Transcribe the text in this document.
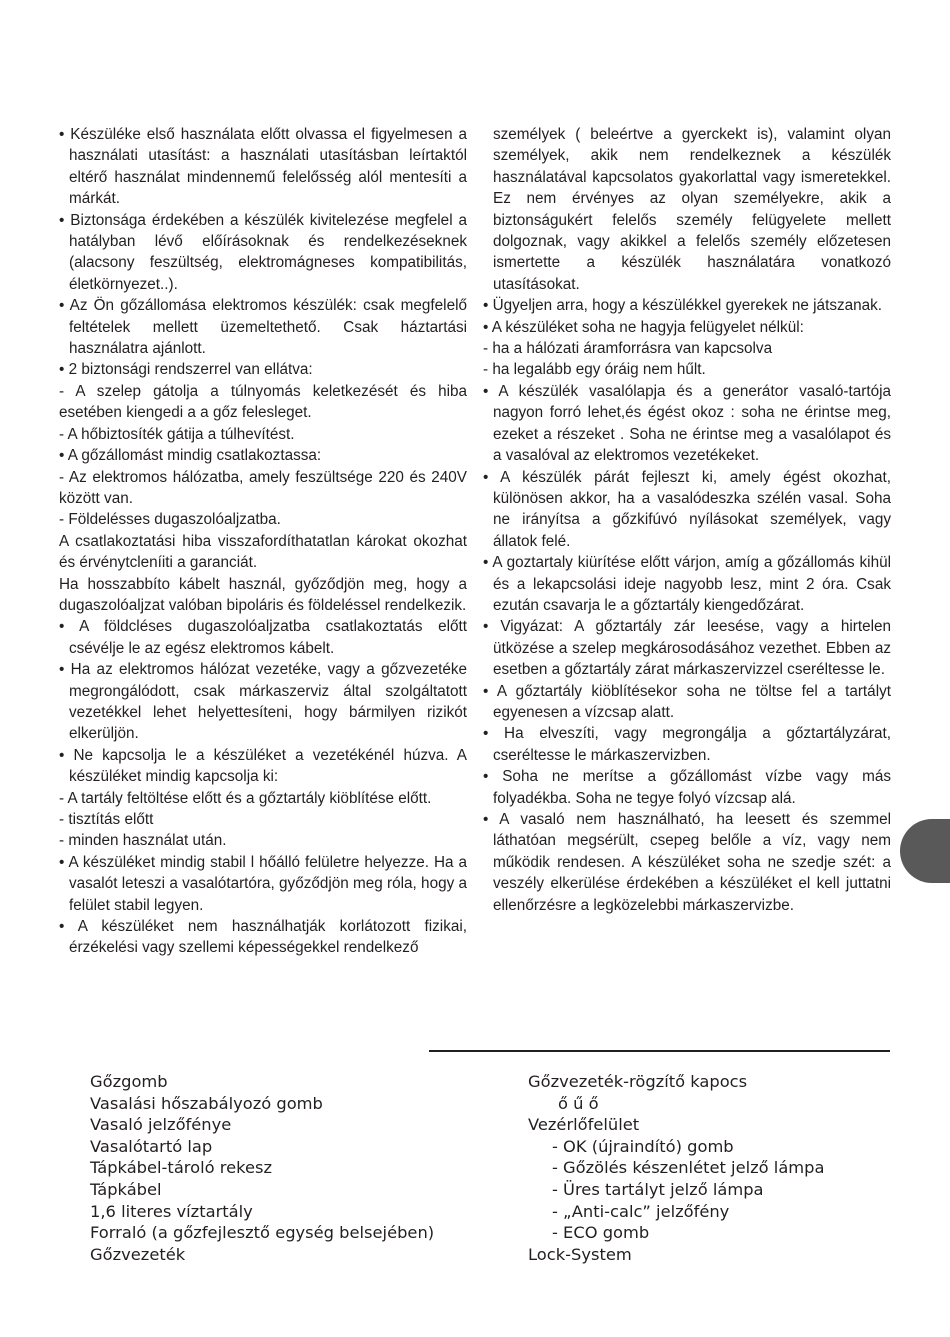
• Készüléke első használata előtt olvassa el figyelmesen a használati utasítást: a használati utasításban leírtaktól eltérő használat mindennemű felelősség alól mentesíti a márkát.

• Biztonsága érdekében a készülék kivitelezése megfelel a hatályban lévő előírásoknak és rendelkezéseknek (alacsony feszültség, elektromágneses kompatibilitás, életkörnyezet..).

• Az Ön gőzállomása elektromos készülék: csak megfelelő feltételek mellett üzemeltethető. Csak háztartási használatra ajánlott.

• 2 biztonsági rendszerrel van ellátva:

- A szelep gátolja a túlnyomás keletkezését és hiba esetében kiengedi a a gőz felesleget.

- A hőbiztosíték gátija a túlhevítést.

• A gőzállomást mindig csatlakoztassa:

- Az elektromos hálózatba, amely feszültsége 220 és 240V között van.

- Földelésses dugaszolóaljzatba.

A csatlakoztatási hiba visszafordíthatatlan károkat okozhat és érvénytcleníiti a garanciát.

Ha hosszabbíto kábelt használ, győződjön meg, hogy a dugaszolóaljzat valóban bipoláris és földeléssel rendelkezik.

• A földcléses dugaszolóaljzatba csatlakoztatás előtt csévélje le az egész elektromos kábelt.

• Ha az elektromos hálózat vezetéke, vagy a gőzvezetéke megrongálódott, csak márkaszerviz által szolgáltatott vezetékkel lehet helyettesíteni, hogy bármilyen rizikót elkerüljön.

• Ne kapcsolja le a készüléket a vezetékénél húzva. A készüléket mindig kapcsolja ki:

- A tartály feltöltése előtt és a gőztartály kiöblítése előtt.

- tisztítás előtt

- minden használat után.

• A készüléket mindig stabil l hőálló felületre helyezze. Ha a vasalót leteszi a vasalótartóra, győződjön meg róla, hogy a felület stabil legyen.

• A készüléket nem használhatják korlátozott fizikai, érzékelési vagy szellemi képességekkel rendelkező

személyek ( beleértve a gyerckekt is), valamint olyan személyek, akik nem rendelkeznek a készülék használatával kapcsolatos gyakorlattal vagy ismeretekkel. Ez nem érvényes az olyan személyekre, akik a biztonságukért felelős személy felügyelete mellett dolgoznak, vagy akikkel a felelős személy előzetesen ismertette a készülék használatára vonatkozó utasításokat.

• Ügyeljen arra, hogy a készülékkel gyerekek ne játszanak.

• A készüléket soha ne hagyja felügyelet nélkül:

- ha a hálózati áramforrásra van kapcsolva

- ha legalább egy óráig nem hűlt.

• A készülék vasalólapja és a generátor vasaló-tartója nagyon forró lehet,és égést okoz : soha ne érintse meg, ezeket a részeket . Soha ne érintse meg a vasalólapot és a vasalóval az elektromos vezetékeket.

• A készülék párát fejleszt ki, amely égést okozhat, különösen akkor, ha a vasalódeszka szélén vasal. Soha ne irányítsa a gőzkifúvó nyílásokat személyek, vagy állatok felé.

• A goztartaly kiürítése előtt várjon, amíg a gőzállomás kihül és a lekapcsolási ideje nagyobb lesz, mint 2 óra. Csak ezután csavarja le a gőztartály kiengedőzárat.

• Vigyázat: A gőztartály zár leesése, vagy a hirtelen ütközése a szelep megkárosodásához vezethet. Ebben az esetben a gőztartály zárat márkaszervizzel cseréltesse le.

• A gőztartály kiöblítésekor soha ne töltse fel a tartályt egyenesen a vízcsap alatt.

• Ha elveszíti, vagy megrongálja a gőztartályzárat, cseréltesse le márkaszervizben.

• Soha ne merítse a gőzállomást vízbe vagy más folyadékba. Soha ne tegye folyó vízcsap alá.

• A vasaló nem használható, ha leesett és szemmel láthatóan megsérült, csepeg belőle a víz, vagy nem működik rendesen. A készüléket soha ne szedje szét: a veszély elkerülése érdekében a készüléket el kell juttatni ellenőrzésre a legközelebbi márkaszervizbe.

Gőzgomb
Vasalási hőszabályozó gomb
Vasaló jelzőfénye
Vasalótartó lap
Tápkábel-tároló rekesz
Tápkábel
1,6 literes víztartály
Forraló (a gőzfejlesztő egység belsejében)
Gőzvezeték
Gőzvezeték-rögzítő kapocs
ő ű ő
Vezérlőfelület
- OK (újraindító) gomb
- Gőzölés készenlétet jelző lámpa
- Üres tartályt jelző lámpa
- „Anti-calc” jelzőfény
- ECO gomb
Lock-System
